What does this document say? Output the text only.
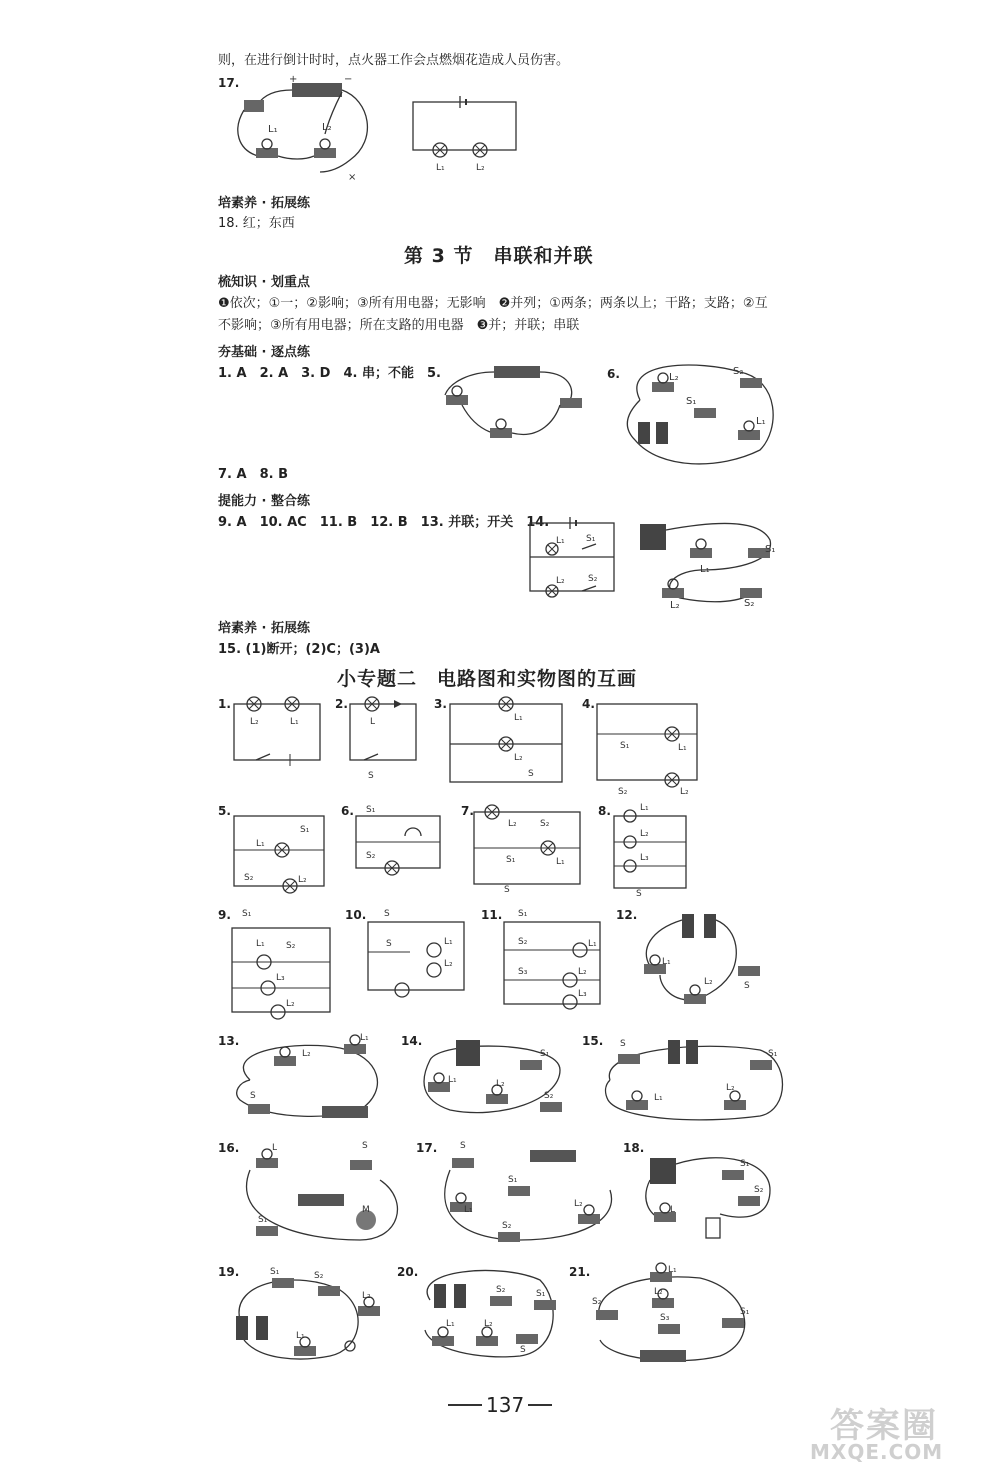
则，在进行倒计时时，点火器工作会点燃烟花造成人员伤害。
17.
培素养 · 拓展练
18. 红；东西
第 3 节　串联和并联
梳知识 · 划重点
❶依次；①一；②影响；③所有用电器；无影响　❷并列；①两条；两条以上；干路；支路；②互
不影响；③所有用电器；所在支路的用电器　❸并；并联；串联
夯基础 · 逐点练
1. A　2. A　3. D　4. 串；不能　5.	6.
7. A　8. B
提能力 · 整合练
9. A　10. AC　11. B　12. B　13. 并联；开关　14.
培素养 · 拓展练
15. (1)断开；(2)C；(3)A
小专题二　电路图和实物图的互画
1.	2.	3.	4.
5.	6.	7.	8.
9.	10.	11.	12.
13.	14.	15.
16.	17.	18.
19.	20.	21.
+	−
L₁	L₂
×
L₁	L₂
L₂
S₂
S₁
L₁
L₁
L₂
S₁
S₂
L₁
S₁
L₂	S₂
L₂	L₁	L
S
L₁
L₂
S
S₁	L₁
S₂	L₂
L₁
S₁
S₂	L₂
S₁
S₂
L₂	S₂
S₁	L₁
S
L₁
L₂
L₃
S
S₁
L₁ S₂
L₃
L₂
S
S	L₁
L₂
S₁
S₂
S₃
L₁
L₂
L₃
L₁
L₂	S
L₂
L₁
S
S₁
L₁	L₂
S₂
S
S₁
L₁
L₂
L	S
M
S₁
S
S₁
L₁
L₂
S₂
S₁
S₂
L
S₁	S₂
L₂
L₁
S₂	S₁
L₁	L₂
S
L₁
L₂
S₂
S₃
S₁
137
答案圈
MXQE.COM
